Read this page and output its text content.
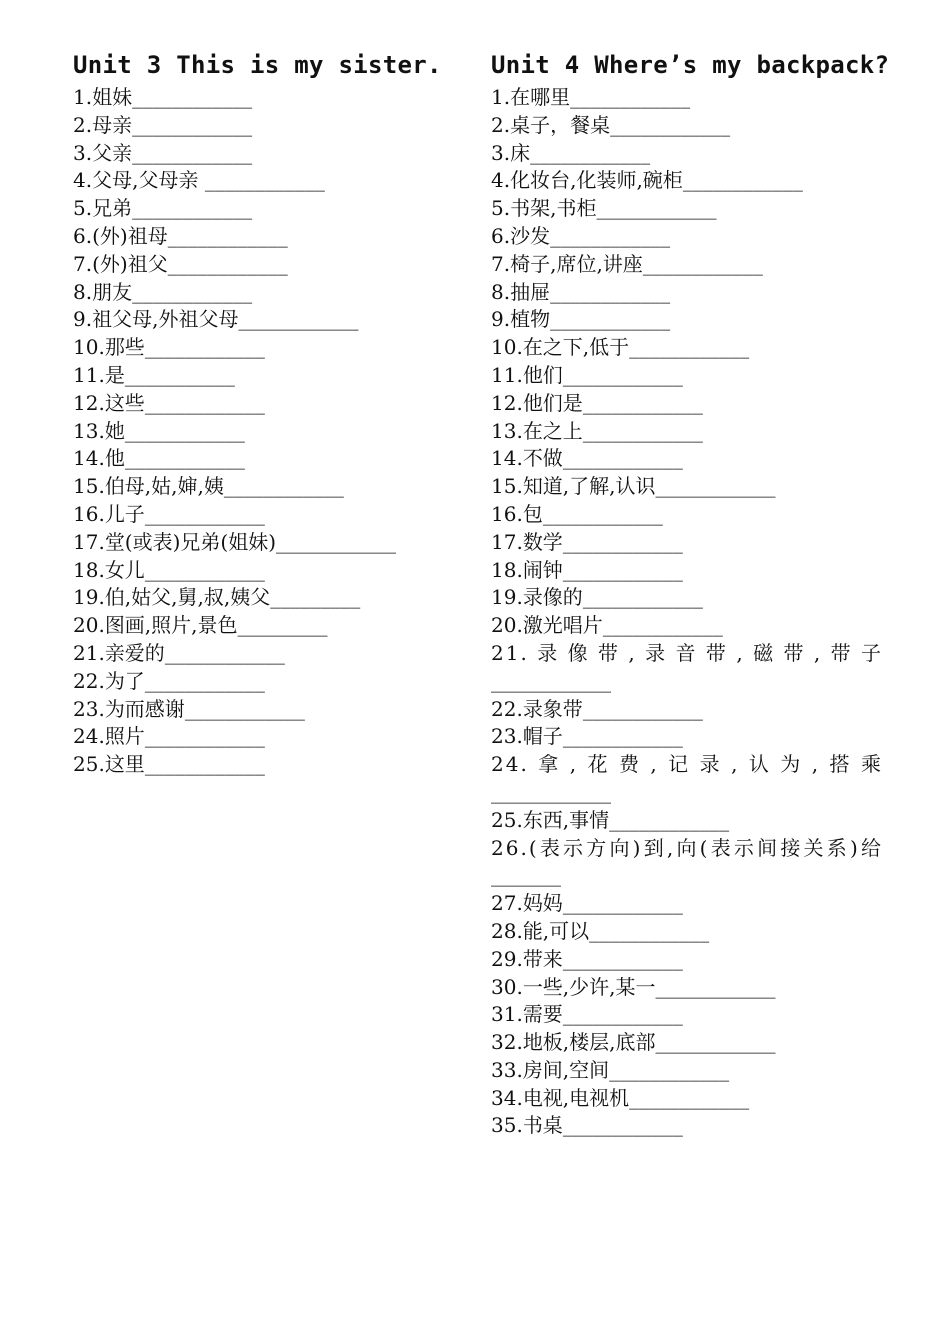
Unit 3 This is my sister.
1.姐妹____________
2.母亲____________
3.父亲____________
4.父母,父母亲 ____________
5.兄弟____________
6.(外)祖母____________
7.(外)祖父____________
8.朋友____________
9.祖父母,外祖父母____________
10.那些____________
11.是___________
12.这些____________
13.她____________
14.他____________
15.伯母,姑,婶,姨____________
16.儿子____________
17.堂(或表)兄弟(姐妹)____________
18.女儿____________
19.伯,姑父,舅,叔,姨父_________
20.图画,照片,景色_________
21.亲爱的____________
22.为了____________
23.为而感谢____________
24.照片____________
25.这里____________
Unit 4 Where’s my backpack?
1.在哪里____________
2.桌子，餐桌____________
3.床____________
4.化妆台,化装师,碗柜____________
5.书架,书柜____________
6.沙发____________
7.椅子,席位,讲座____________
8.抽屉____________
9.植物____________
10.在之下,低于____________
11.他们____________
12.他们是____________
13.在之上____________
14.不做____________
15.知道,了解,认识____________
16.包____________
17.数学____________
18.闹钟____________
19.录像的____________
20.激光唱片____________
21.录像带,录音带,磁带,带子
____________
22.录象带____________
23.帽子____________
24.拿,花费,记录,认为,搭乘
____________
25.东西,事情____________
26.(表示方向)到,向(表示间接关系)给
_______
27.妈妈____________
28.能,可以____________
29.带来____________
30.一些,少许,某一____________
31.需要____________
32.地板,楼层,底部____________
33.房间,空间____________
34.电视,电视机____________
35.书桌____________
